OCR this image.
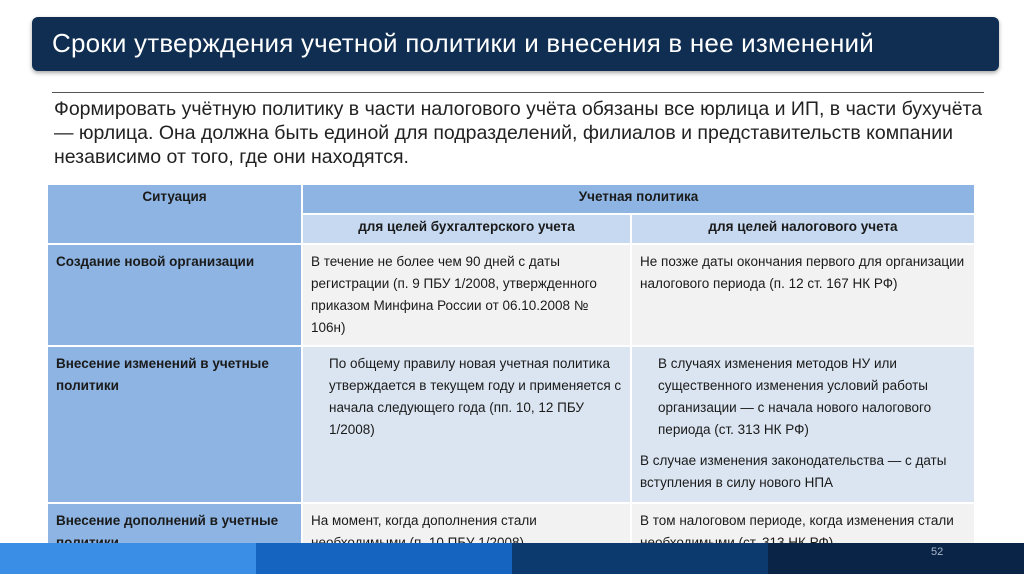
Сроки утверждения учетной политики и внесения в нее изменений

Формировать учётную политику в части налогового учёта обязаны все юрлица и ИП, в части бухучёта — юрлица. Она должна быть единой для подразделений, филиалов и представительств компании независимо от того, где они находятся.

Ситуация	Учетная политика	
	для целей бухгалтерского учета	для целей налогового учета
Создание новой организации	В течение не более чем 90 дней с даты регистрации (п. 9 ПБУ 1/2008, утвержденного приказом Минфина России от 06.10.2008 № 106н)	Не позже даты окончания первого для организации налогового периода (п. 12 ст. 167 НК РФ)
Внесение изменений в учетные политики	По общему правилу новая учетная политика утверждается в текущем году и применяется с начала следующего года (пп. 10, 12 ПБУ 1/2008)	В случаях изменения методов НУ или существенного изменения условий работы организации — с начала нового налогового периода (ст. 313 НК РФ)
В случае изменения законодательства — с даты вступления в силу нового НПА

Внесение дополнений в учетные	На момент, когда дополнения стали	В том налоговом периоде, когда изменения стали
52
